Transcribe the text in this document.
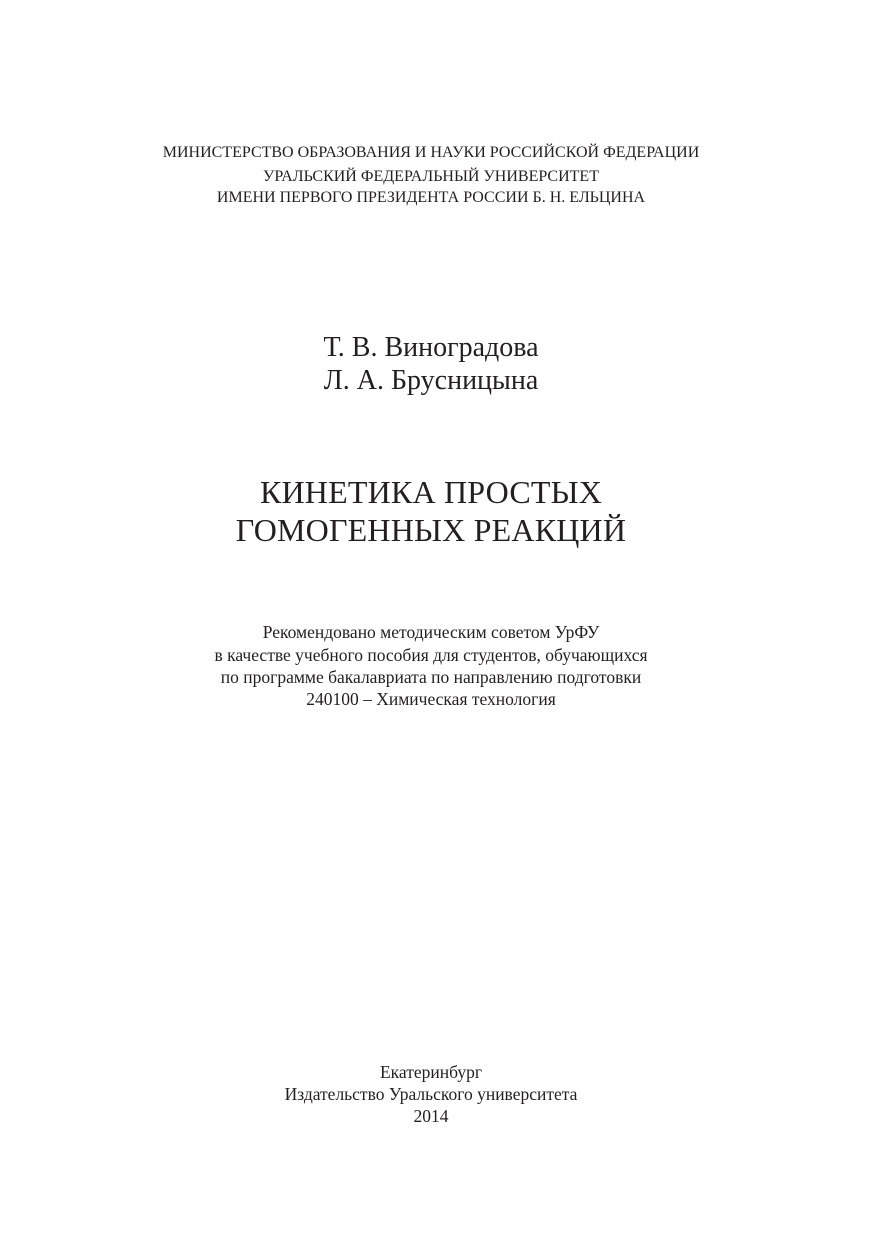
МИНИСТЕРСТВО ОБРАЗОВАНИЯ И НАУКИ РОССИЙСКОЙ ФЕДЕРАЦИИ
УРАЛЬСКИЙ ФЕДЕРАЛЬНЫЙ УНИВЕРСИТЕТ
ИМЕНИ ПЕРВОГО ПРЕЗИДЕНТА РОССИИ Б. Н. ЕЛЬЦИНА
Т. В. Виноградова
Л. А. Брусницына
КИНЕТИКА ПРОСТЫХ
ГОМОГЕННЫХ РЕАКЦИЙ
Рекомендовано методическим советом УрФУ
в качестве учебного пособия для студентов, обучающихся
по программе бакалавриата по направлению подготовки
240100 – Химическая технология
Екатеринбург
Издательство Уральского университета
2014
